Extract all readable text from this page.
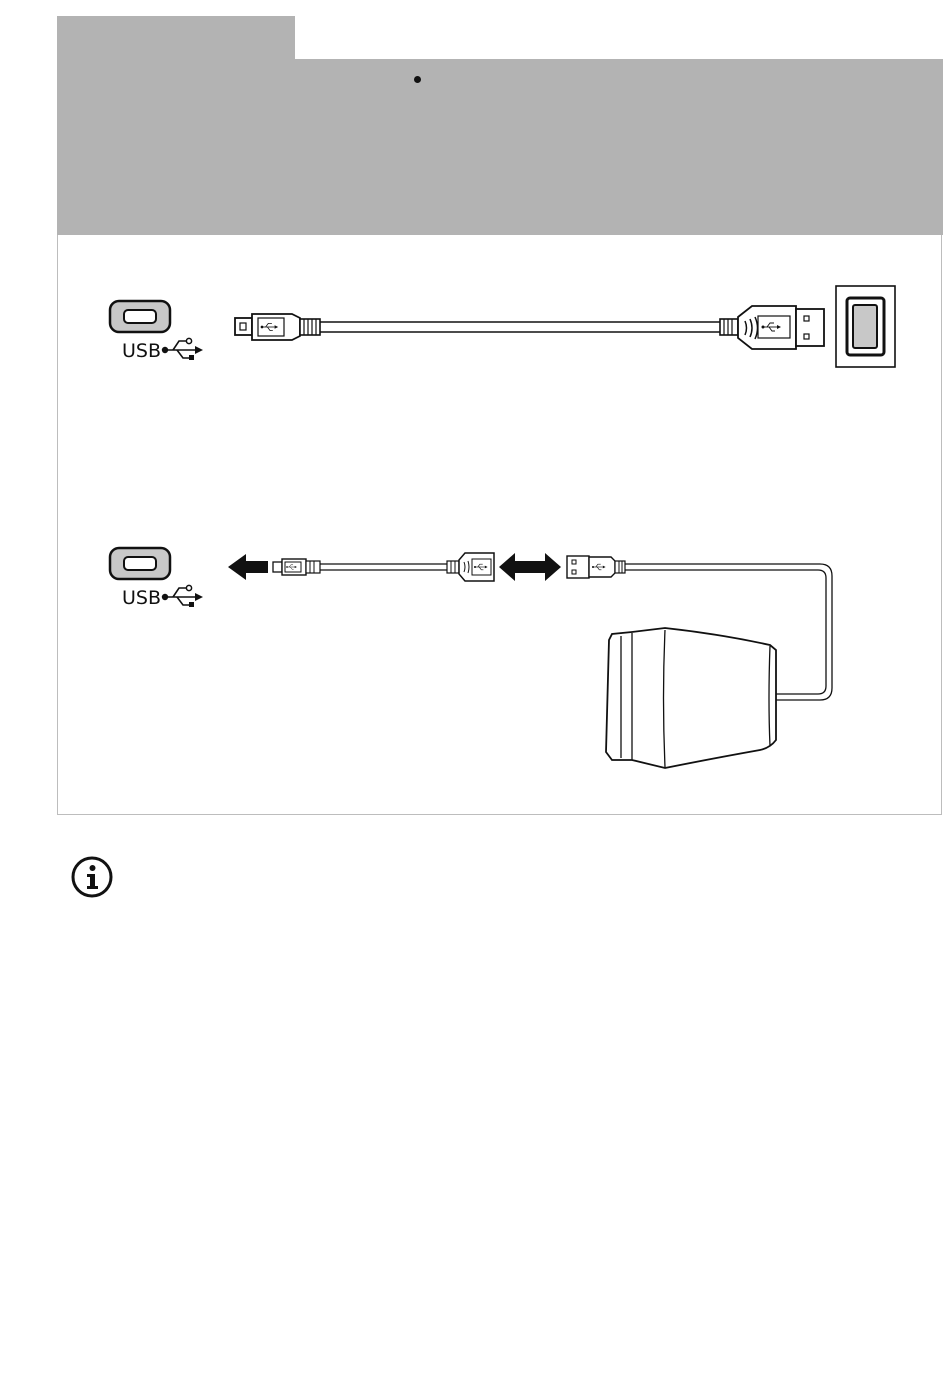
USB
USB
